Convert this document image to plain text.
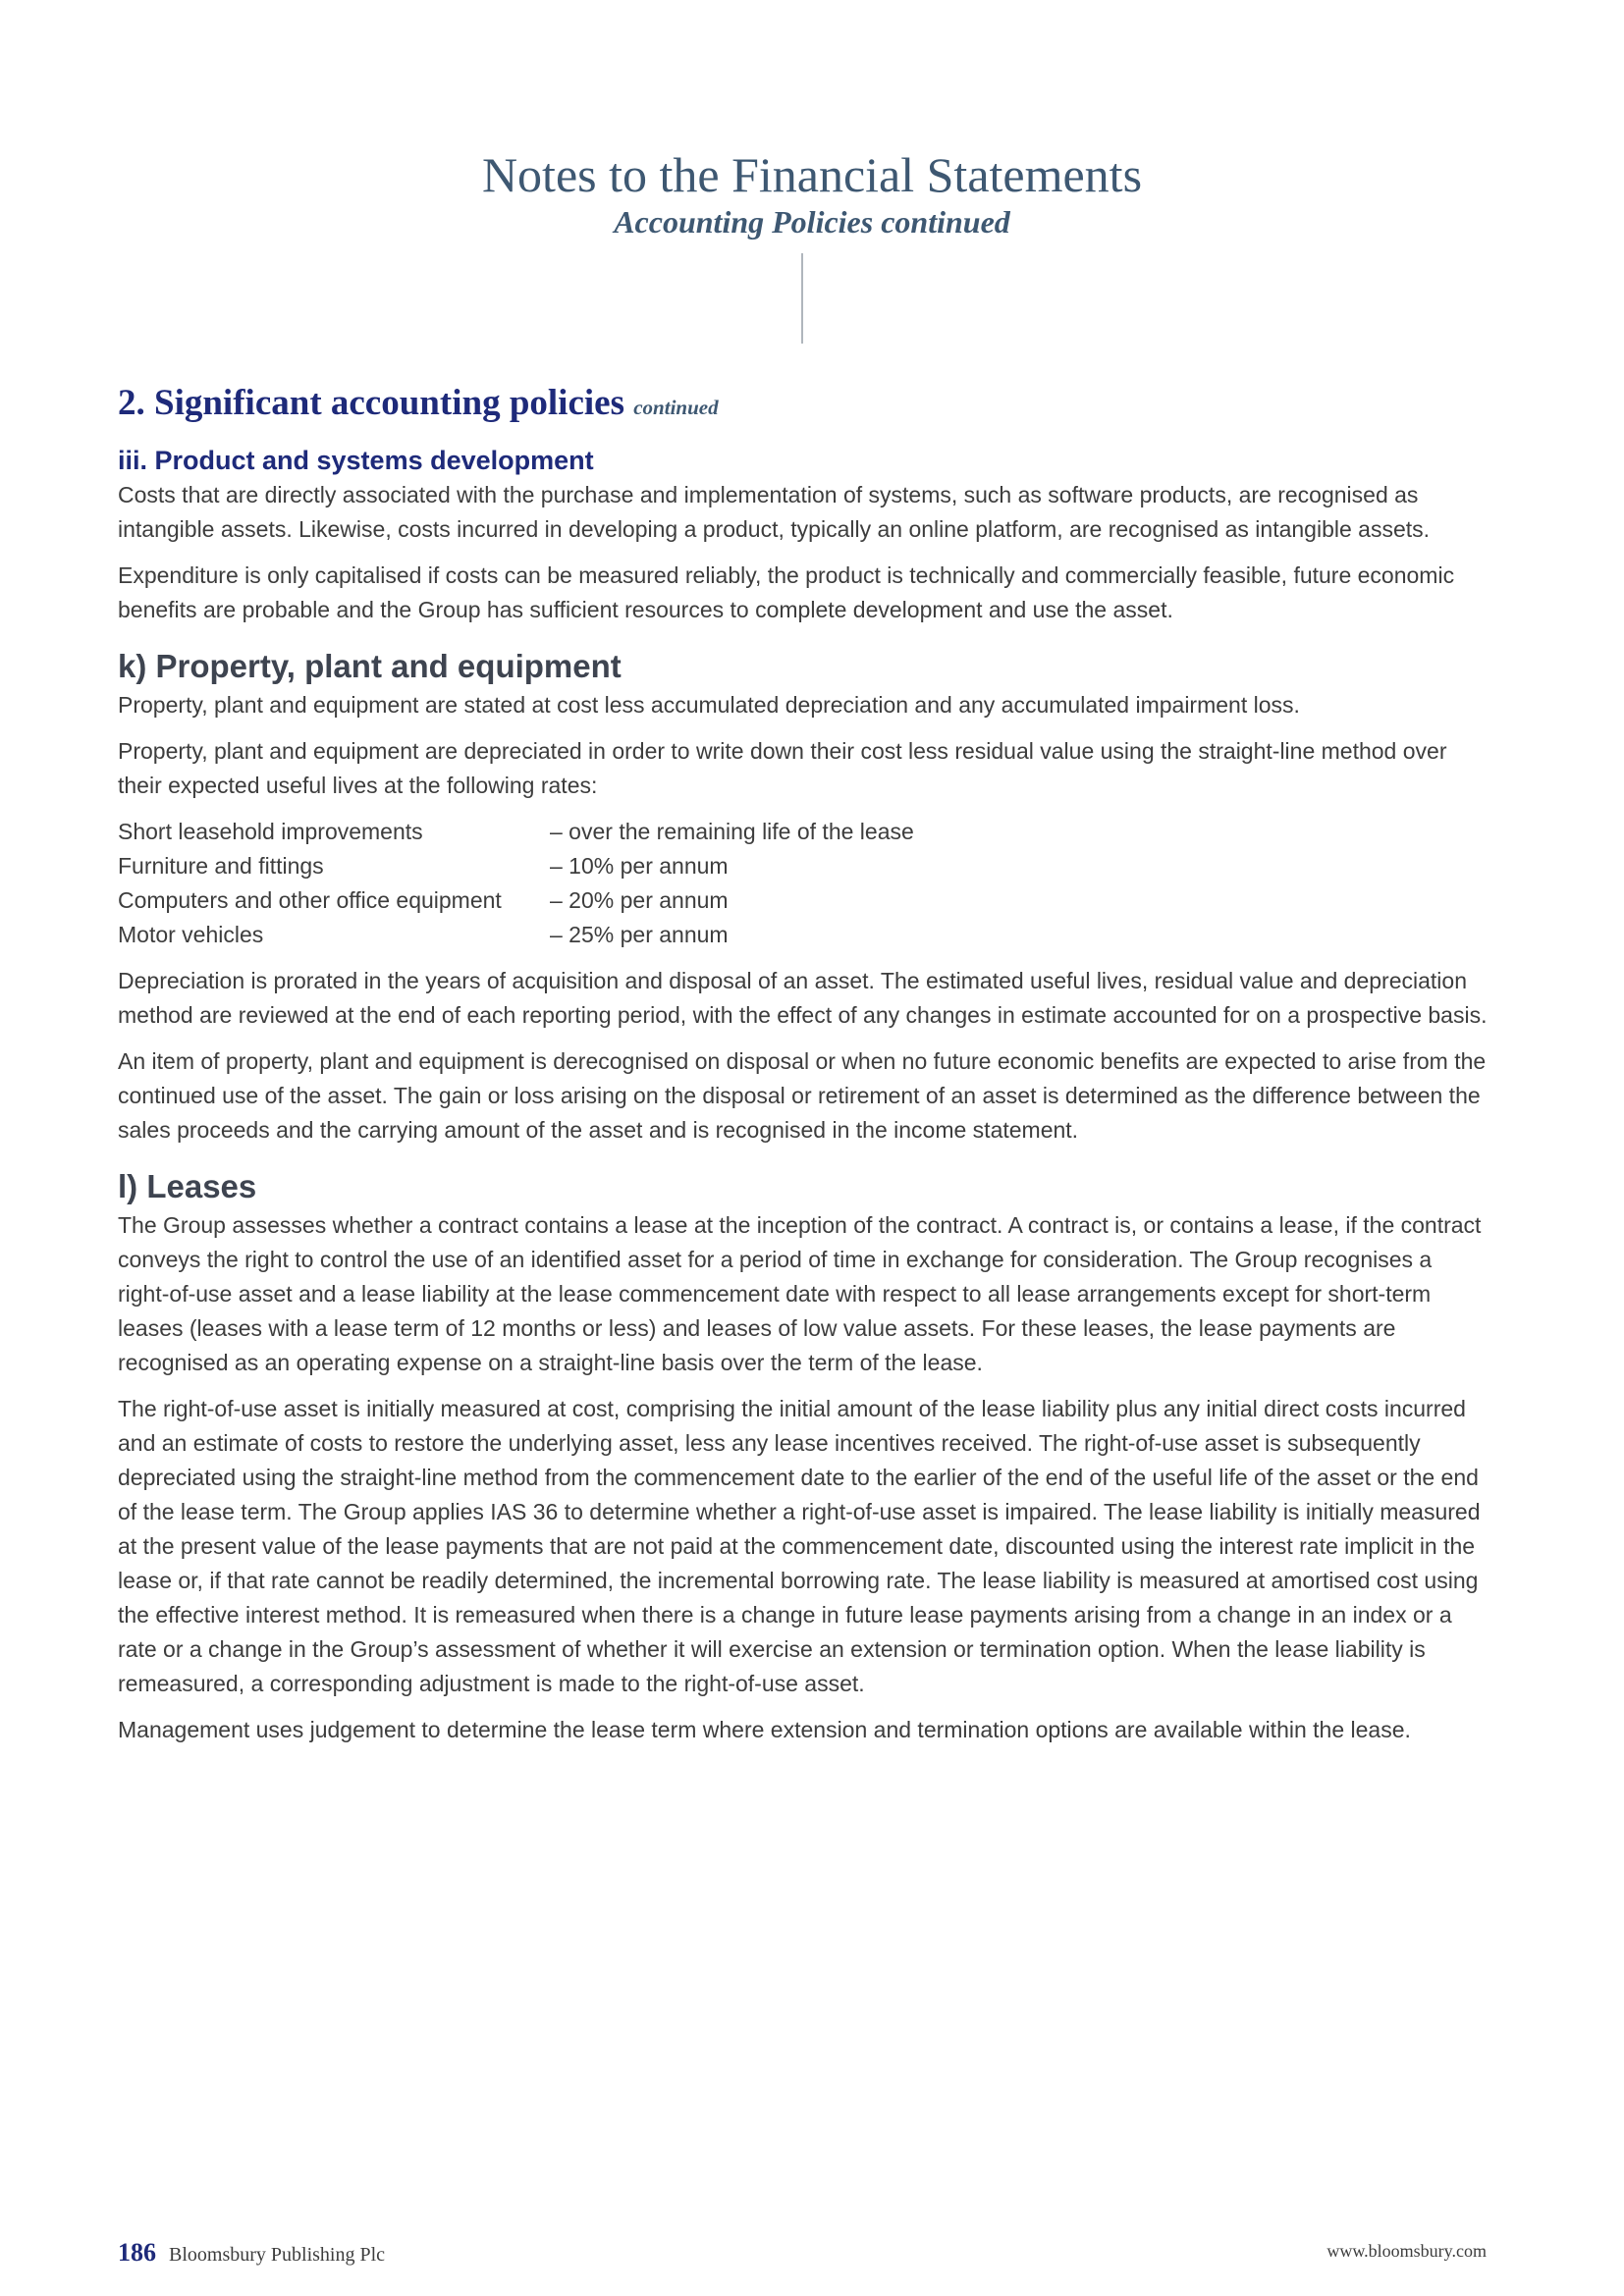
Notes to the Financial Statements
Accounting Policies continued
2. Significant accounting policies continued
iii. Product and systems development

Costs that are directly associated with the purchase and implementation of systems, such as software products, are recognised as intangible assets. Likewise, costs incurred in developing a product, typically an online platform, are recognised as intangible assets.

Expenditure is only capitalised if costs can be measured reliably, the product is technically and commercially feasible, future economic benefits are probable and the Group has sufficient resources to complete development and use the asset.

k) Property, plant and equipment

Property, plant and equipment are stated at cost less accumulated depreciation and any accumulated impairment loss.

Property, plant and equipment are depreciated in order to write down their cost less residual value using the straight-line method over their expected useful lives at the following rates:

Short leasehold improvements	– over the remaining life of the lease
Furniture and fittings	– 10% per annum
Computers and other office equipment	– 20% per annum
Motor vehicles	– 25% per annum

Depreciation is prorated in the years of acquisition and disposal of an asset. The estimated useful lives, residual value and depreciation method are reviewed at the end of each reporting period, with the effect of any changes in estimate accounted for on a prospective basis.

An item of property, plant and equipment is derecognised on disposal or when no future economic benefits are expected to arise from the continued use of the asset. The gain or loss arising on the disposal or retirement of an asset is determined as the difference between the sales proceeds and the carrying amount of the asset and is recognised in the income statement.

l) Leases

The Group assesses whether a contract contains a lease at the inception of the contract. A contract is, or contains a lease, if the contract conveys the right to control the use of an identified asset for a period of time in exchange for consideration. The Group recognises a right-of-use asset and a lease liability at the lease commencement date with respect to all lease arrangements except for short-term leases (leases with a lease term of 12 months or less) and leases of low value assets. For these leases, the lease payments are recognised as an operating expense on a straight-line basis over the term of the lease.

The right-of-use asset is initially measured at cost, comprising the initial amount of the lease liability plus any initial direct costs incurred and an estimate of costs to restore the underlying asset, less any lease incentives received. The right-of-use asset is subsequently depreciated using the straight-line method from the commencement date to the earlier of the end of the useful life of the asset or the end of the lease term. The Group applies IAS 36 to determine whether a right-of-use asset is impaired. The lease liability is initially measured at the present value of the lease payments that are not paid at the commencement date, discounted using the interest rate implicit in the lease or, if that rate cannot be readily determined, the incremental borrowing rate. The lease liability is measured at amortised cost using the effective interest method. It is remeasured when there is a change in future lease payments arising from a change in an index or a rate or a change in the Group’s assessment of whether it will exercise an extension or termination option. When the lease liability is remeasured, a corresponding adjustment is made to the right-of-use asset.

Management uses judgement to determine the lease term where extension and termination options are available within the lease.

186 Bloomsbury Publishing Plc	www.bloomsbury.com
